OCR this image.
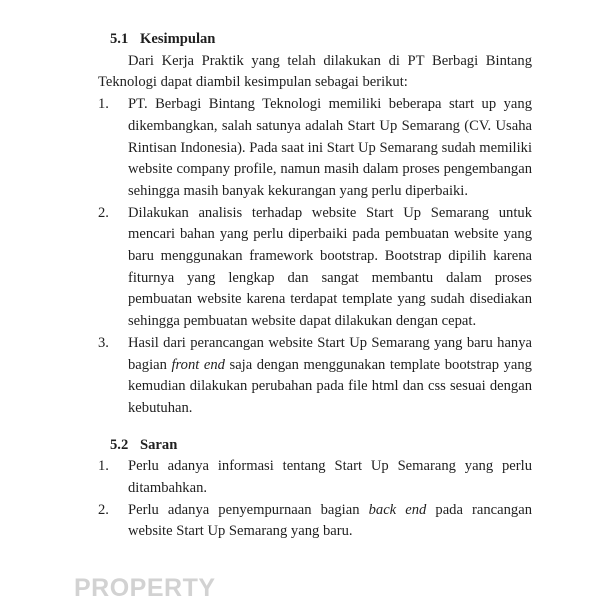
5.1 Kesimpulan

Dari Kerja Praktik yang telah dilakukan di PT Berbagi Bintang Teknologi dapat diambil kesimpulan sebagai berikut:

1.	PT. Berbagi Bintang Teknologi memiliki beberapa start up yang dikembangkan, salah satunya adalah Start Up Semarang (CV. Usaha Rintisan Indonesia). Pada saat ini Start Up Semarang sudah memiliki website company profile, namun masih dalam proses pengembangan sehingga masih banyak kekurangan yang perlu diperbaiki.
2.	Dilakukan analisis terhadap website Start Up Semarang untuk mencari bahan yang perlu diperbaiki pada pembuatan website yang baru menggunakan framework bootstrap. Bootstrap dipilih karena fiturnya yang lengkap dan sangat membantu dalam proses pembuatan website karena terdapat template yang sudah disediakan sehingga pembuatan website dapat dilakukan dengan cepat.
3.	Hasil dari perancangan website Start Up Semarang yang baru hanya bagian front end saja dengan menggunakan template bootstrap yang kemudian dilakukan perubahan pada file html dan css sesuai dengan kebutuhan.
5.2 Saran
1.	Perlu adanya informasi tentang Start Up Semarang yang perlu ditambahkan.
2.	Perlu adanya penyempurnaan bagian back end pada rancangan website Start Up Semarang yang baru.
PROPERTY
